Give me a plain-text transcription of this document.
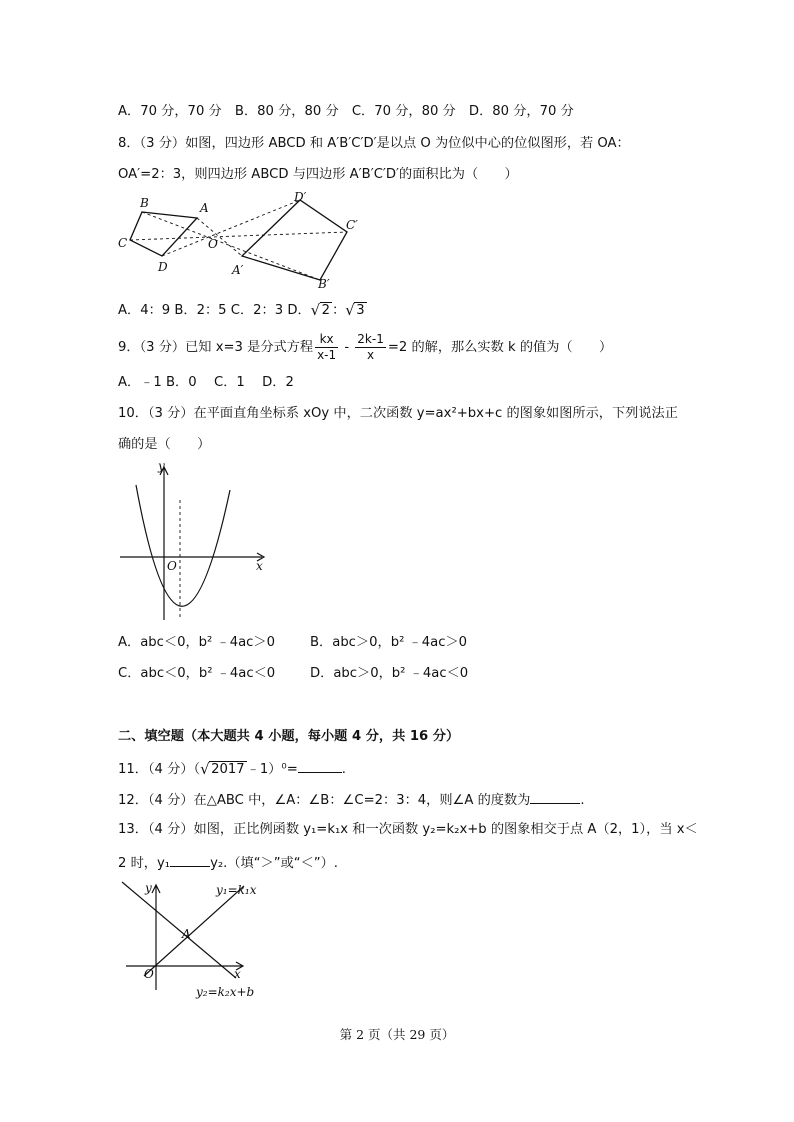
A．70 分，70 分　B．80 分，80 分　C．70 分，80 分　D．80 分，70 分
8．（3 分）如图，四边形 ABCD 和 A′B′C′D′是以点 O 为位似中心的位似图形，若 OA：
OA′=2：3，则四边形 ABCD 与四边形 A′B′C′D′的面积比为（　　）
B	A
C
D
O
D′
C′
A′
B′
A．4：9 B．2：5 C．2：3 D． √ 2 ： √ 3
9．（3 分）已知 x=3 是分式方程 $\frac{kx}{x-1} - \frac{2k-1}{x} =2$ 的解，那么实数 k 的值为（　　）
A．﹣1 B．0　 C．1　 D．2
10．（3 分）在平面直角坐标系 xOy 中，二次函数 y=ax²+bx+c 的图象如图所示，下列说法正
确的是（　　）
x
y
O
A．abc＜0，b² ﹣4ac＞0	B．abc＞0，b² ﹣4ac＞0
C．abc＜0，b² ﹣4ac＜0	D．abc＞0，b² ﹣4ac＜0
二、填空题（本大题共 4 小题，每小题 4 分，共 16 分）
11．（4 分）（ √ 2017 ﹣1）⁰=	.
12．（4 分）在△ABC 中，∠A：∠B：∠C=2：3：4，则∠A 的度数为	.
13．（4 分）如图，正比例函数 y₁=k₁x 和一次函数 y₂=k₂x+b 的图象相交于点 A（2，1），当 x＜
2 时，y₁	y₂.（填“＞”或“＜”）.
x
y
O
A
y₁=k₁x
y₂=k₂x+b
第 2 页（共 29 页）
